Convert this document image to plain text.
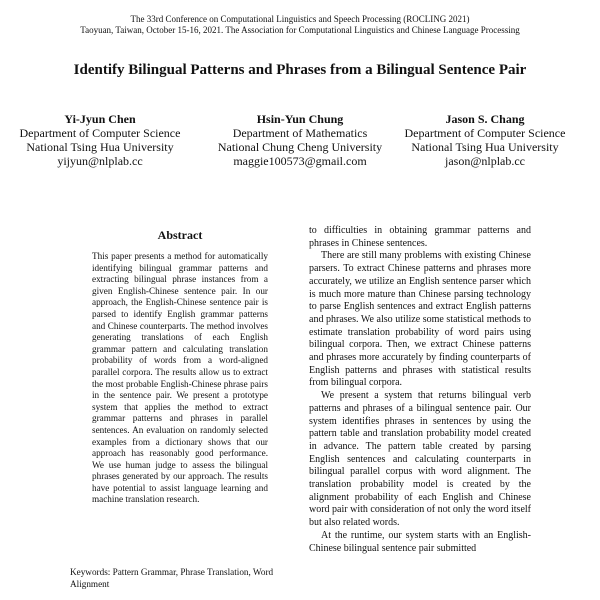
The 33rd Conference on Computational Linguistics and Speech Processing (ROCLING 2021)
Taoyuan, Taiwan, October 15-16, 2021. The Association for Computational Linguistics and Chinese Language Processing
Identify Bilingual Patterns and Phrases from a Bilingual Sentence Pair
Yi-Jyun Chen
Department of Computer Science
National Tsing Hua University
yijyun@nlplab.cc
Hsin-Yun Chung
Department of Mathematics
National Chung Cheng University
maggie100573@gmail.com
Jason S. Chang
Department of Computer Science
National Tsing Hua University
jason@nlplab.cc
Abstract
This paper presents a method for automatically identifying bilingual grammar patterns and extracting bilingual phrase instances from a given English-Chinese sentence pair. In our approach, the English-Chinese sentence pair is parsed to identify English grammar patterns and Chinese counterparts. The method involves generating translations of each English grammar pattern and calculating translation probability of words from a word-aligned parallel corpora. The results allow us to extract the most probable English-Chinese phrase pairs in the sentence pair. We present a prototype system that applies the method to extract grammar patterns and phrases in parallel sentences. An evaluation on randomly selected examples from a dictionary shows that our approach has reasonably good performance. We use human judge to assess the bilingual phrases generated by our approach. The results have potential to assist language learning and machine translation research.
Keywords: Pattern Grammar, Phrase Translation, Word Alignment

to difficulties in obtaining grammar patterns and phrases in Chinese sentences.

There are still many problems with existing Chinese parsers. To extract Chinese patterns and phrases more accurately, we utilize an English sentence parser which is much more mature than Chinese parsing technology to parse English sentences and extract English patterns and phrases. We also utilize some statistical methods to estimate translation probability of word pairs using bilingual corpora. Then, we extract Chinese patterns and phrases more accurately by finding counterparts of English patterns and phrases with statistical results from bilingual corpora.

We present a system that returns bilingual verb patterns and phrases of a bilingual sentence pair. Our system identifies phrases in sentences by using the pattern table and translation probability model created in advance. The pattern table created by parsing English sentences and calculating counterparts in bilingual parallel corpus with word alignment. The translation probability model is created by the alignment probability of each English and Chinese word pair with consideration of not only the word itself but also related words.

At the runtime, our system starts with an English-Chinese bilingual sentence pair submitted
